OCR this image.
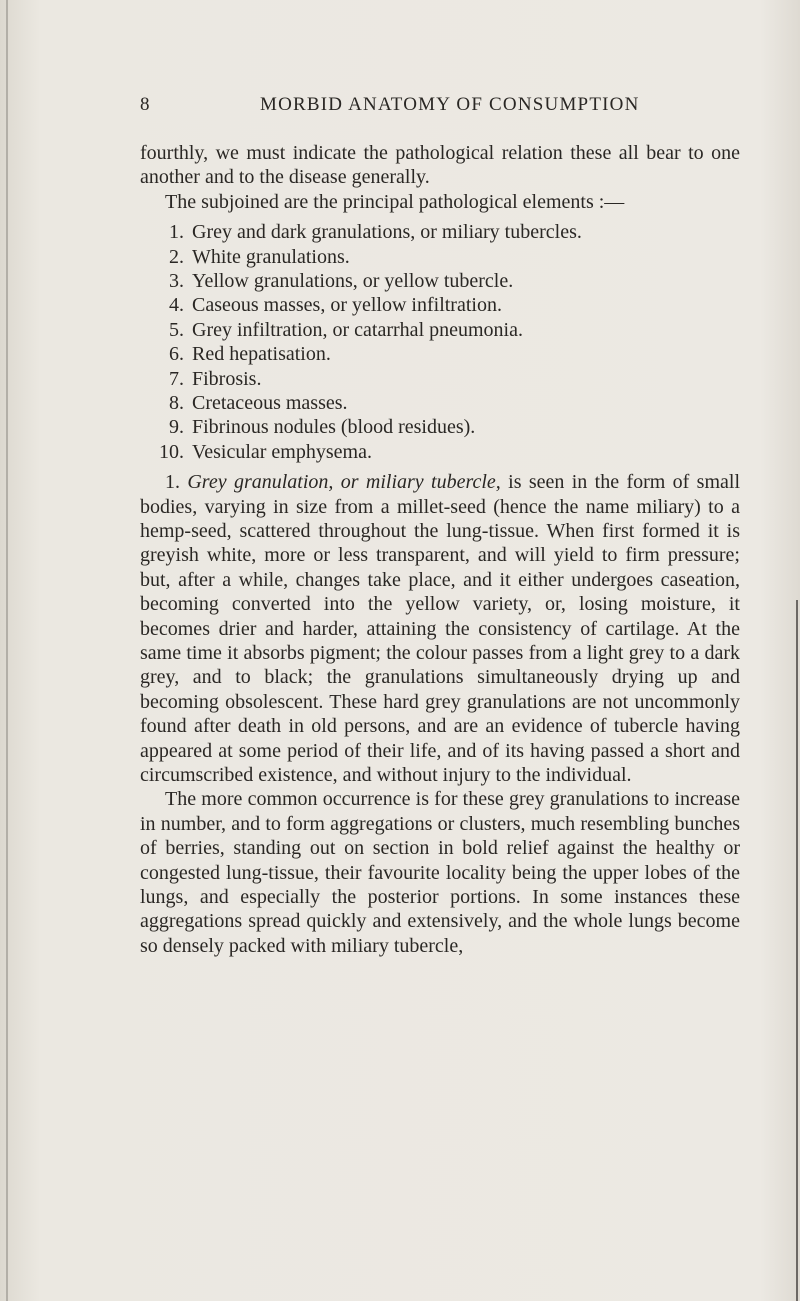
8	MORBID ANATOMY OF CONSUMPTION

fourthly, we must indicate the pathological relation these all bear to one another and to the disease generally.

The subjoined are the principal pathological elements :—

1. Grey and dark granulations, or miliary tubercles.
2. White granulations.
3. Yellow granulations, or yellow tubercle.
4. Caseous masses, or yellow infiltration.
5. Grey infiltration, or catarrhal pneumonia.
6. Red hepatisation.
7. Fibrosis.
8. Cretaceous masses.
9. Fibrinous nodules (blood residues).
10. Vesicular emphysema.

1. Grey granulation, or miliary tubercle, is seen in the form of small bodies, varying in size from a millet-seed (hence the name miliary) to a hemp-seed, scattered throughout the lung-tissue. When first formed it is greyish white, more or less transparent, and will yield to firm pressure; but, after a while, changes take place, and it either undergoes caseation, becoming converted into the yellow variety, or, losing moisture, it becomes drier and harder, attaining the consistency of cartilage. At the same time it absorbs pigment; the colour passes from a light grey to a dark grey, and to black; the granulations simultaneously drying up and becoming obsolescent. These hard grey granulations are not uncommonly found after death in old persons, and are an evidence of tubercle having appeared at some period of their life, and of its having passed a short and circumscribed existence, and without injury to the individual.

The more common occurrence is for these grey granulations to increase in number, and to form aggregations or clusters, much resembling bunches of berries, standing out on section in bold relief against the healthy or congested lung-tissue, their favourite locality being the upper lobes of the lungs, and especially the posterior portions. In some instances these aggregations spread quickly and extensively, and the whole lungs become so densely packed with miliary tubercle,
